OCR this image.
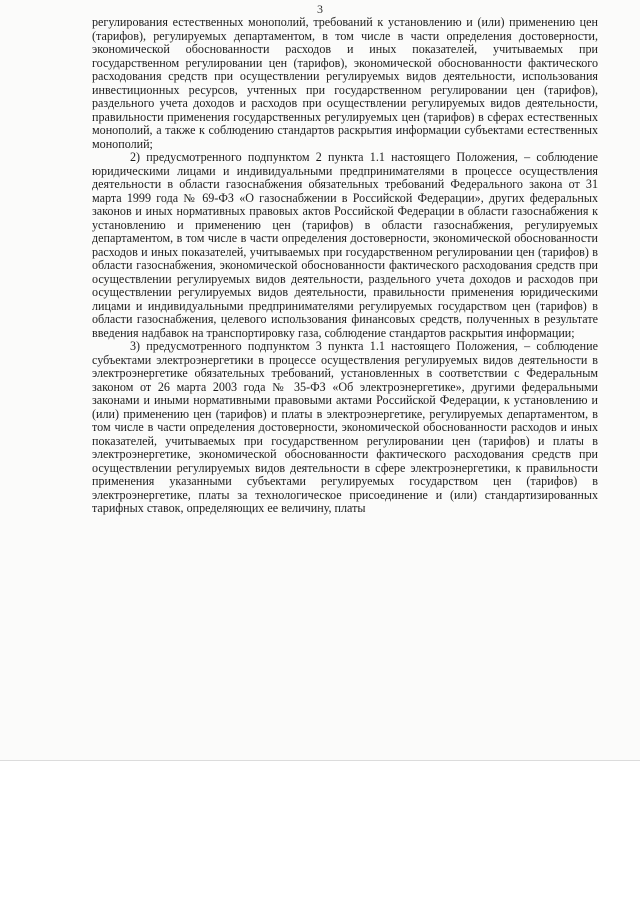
3

регулирования естественных монополий, требований к установлению и (или) применению цен (тарифов), регулируемых департаментом, в том числе в части определения достоверности, экономической обоснованности расходов и иных показателей, учитываемых при государственном регулировании цен (тарифов), экономической обоснованности фактического расходования средств при осуществлении регулируемых видов деятельности, использования инвестиционных ресурсов, учтенных при государственном регулировании цен (тарифов), раздельного учета доходов и расходов при осуществлении регулируемых видов деятельности, правильности применения государственных регулируемых цен (тарифов) в сферах естественных монополий, а также к соблюдению стандартов раскрытия информации субъектами естественных монополий;

2) предусмотренного подпунктом 2 пункта 1.1 настоящего Положения, – соблюдение юридическими лицами и индивидуальными предпринимателями в процессе осуществления деятельности в области газоснабжения обязательных требований Федерального закона от 31 марта 1999 года № 69-ФЗ «О газоснабжении в Российской Федерации», других федеральных законов и иных нормативных правовых актов Российской Федерации в области газоснабжения к установлению и применению цен (тарифов) в области газоснабжения, регулируемых департаментом, в том числе в части определения достоверности, экономической обоснованности расходов и иных показателей, учитываемых при государственном регулировании цен (тарифов) в области газоснабжения, экономической обоснованности фактического расходования средств при осуществлении регулируемых видов деятельности, раздельного учета доходов и расходов при осуществлении регулируемых видов деятельности, правильности применения юридическими лицами и индивидуальными предпринимателями регулируемых государством цен (тарифов) в области газоснабжения, целевого использования финансовых средств, полученных в результате введения надбавок на транспортировку газа, соблюдение стандартов раскрытия информации;

3) предусмотренного подпунктом 3 пункта 1.1 настоящего Положения, – соблюдение субъектами электроэнергетики в процессе осуществления регулируемых видов деятельности в электроэнергетике обязательных требований, установленных в соответствии с Федеральным законом от 26 марта 2003 года № 35-ФЗ «Об электроэнергетике», другими федеральными законами и иными нормативными правовыми актами Российской Федерации, к установлению и (или) применению цен (тарифов) и платы в электроэнергетике, регулируемых департаментом, в том числе в части определения достоверности, экономической обоснованности расходов и иных показателей, учитываемых при государственном регулировании цен (тарифов) и платы в электроэнергетике, экономической обоснованности фактического расходования средств при осуществлении регулируемых видов деятельности в сфере электроэнергетики, к правильности применения указанными субъектами регулируемых государством цен (тарифов) в электроэнергетике, платы за технологическое присоединение и (или) стандартизированных тарифных ставок, определяющих ее величину, платы
